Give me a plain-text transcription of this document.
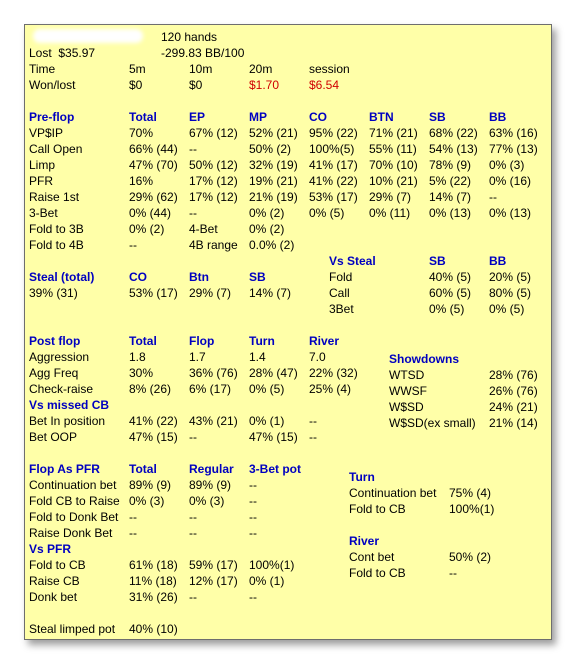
120 hands
Lost  $35.97	-299.83 BB/100
Time	5m	10m	20m	session
Won/lost	$0	$0	$1.70 $6.54
Pre-flop	Total	EP	MP	CO	BTN	SB	BB
VP$IP	70%	67% (12) 52% (21) 95% (22) 71% (21) 68% (22) 63% (16)
Call Open	66% (44) --	50% (2) 100%(5) 55% (11) 54% (13) 77% (13)
Limp	47% (70) 50% (12) 32% (19) 41% (17) 70% (10) 78% (9) 0% (3)
PFR	16%	17% (12) 19% (21) 41% (22) 10% (21) 5% (22) 0% (16)
Raise 1st	29% (62) 17% (12) 21% (19) 53% (17) 29% (7) 14% (7) --
3-Bet	0% (44) --	0% (2) 0% (5) 0% (11) 0% (13) 0% (13)
Fold to 3B	0% (2) 4-Bet	0% (2)
Fold to 4B	--	4B range 0.0% (2)
Vs Steal	SB	BB
Fold	40% (5) 20% (5)
Call	60% (5) 80% (5)
3Bet	0% (5) 0% (5)
Steal (total)	CO	Btn	SB
39% (31)	53% (17) 29% (7) 14% (7)
Post flop	Total	Flop	Turn	River
Aggression	1.8	1.7	1.4	7.0
Agg Freq	30%	36% (76) 28% (47) 22% (32)
Check-raise	8% (26) 6% (17) 0% (5) 25% (4)
Vs missed CB
Bet In position 41% (22) 43% (21) 0% (1) --
Bet OOP	47% (15) --	47% (15) --
Showdowns
WTSD	28% (76)
WWSF	26% (76)
W$SD	24% (21)
W$SD(ex small) 21% (14)
Flop As PFR Total	Regular 3-Bet pot
Continuation bet 89% (9) 89% (9) --
Fold CB to Raise 0% (3) 0% (3) --
Fold to Donk Bet --	--	--
Raise Donk Bet --	--	--
Vs PFR
Fold to CB	61% (18) 59% (17) 100%(1)
Raise CB	11% (18) 12% (17) 0% (1)
Donk bet	31% (26) --	--
Steal limped pot 40% (10)
Turn
Continuation bet 75% (4)
Fold to CB	100%(1)
River
Cont bet	50% (2)
Fold to CB	--
